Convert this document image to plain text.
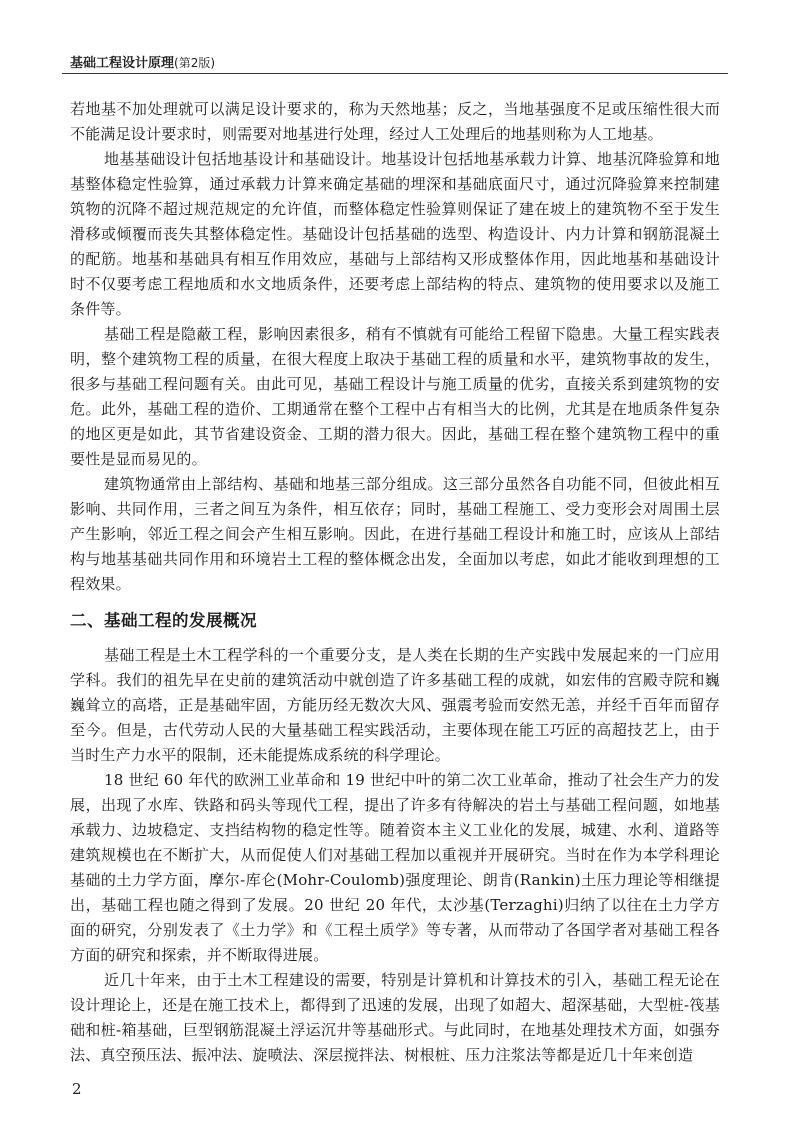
基础工程设计原理(第2版)

若地基不加处理就可以满足设计要求的，称为天然地基；反之，当地基强度不足或压缩性很大而不能满足设计要求时，则需要对地基进行处理，经过人工处理后的地基则称为人工地基。

地基基础设计包括地基设计和基础设计。地基设计包括地基承载力计算、地基沉降验算和地基整体稳定性验算，通过承载力计算来确定基础的埋深和基础底面尺寸，通过沉降验算来控制建筑物的沉降不超过规范规定的允许值，而整体稳定性验算则保证了建在坡上的建筑物不至于发生滑移或倾覆而丧失其整体稳定性。基础设计包括基础的选型、构造设计、内力计算和钢筋混凝土的配筋。地基和基础具有相互作用效应，基础与上部结构又形成整体作用，因此地基和基础设计时不仅要考虑工程地质和水文地质条件，还要考虑上部结构的特点、建筑物的使用要求以及施工条件等。

基础工程是隐蔽工程，影响因素很多，稍有不慎就有可能给工程留下隐患。大量工程实践表明，整个建筑物工程的质量，在很大程度上取决于基础工程的质量和水平，建筑物事故的发生，很多与基础工程问题有关。由此可见，基础工程设计与施工质量的优劣，直接关系到建筑物的安危。此外，基础工程的造价、工期通常在整个工程中占有相当大的比例，尤其是在地质条件复杂的地区更是如此，其节省建设资金、工期的潜力很大。因此，基础工程在整个建筑物工程中的重要性是显而易见的。

建筑物通常由上部结构、基础和地基三部分组成。这三部分虽然各自功能不同，但彼此相互影响、共同作用，三者之间互为条件，相互依存；同时，基础工程施工、受力变形会对周围土层产生影响，邻近工程之间会产生相互影响。因此，在进行基础工程设计和施工时，应该从上部结构与地基基础共同作用和环境岩土工程的整体概念出发，全面加以考虑，如此才能收到理想的工程效果。

二、基础工程的发展概况

基础工程是土木工程学科的一个重要分支，是人类在长期的生产实践中发展起来的一门应用学科。我们的祖先早在史前的建筑活动中就创造了许多基础工程的成就，如宏伟的宫殿寺院和巍巍耸立的高塔，正是基础牢固，方能历经无数次大风、强震考验而安然无恙，并经千百年而留存至今。但是，古代劳动人民的大量基础工程实践活动，主要体现在能工巧匠的高超技艺上，由于当时生产力水平的限制，还未能提炼成系统的科学理论。

18 世纪 60 年代的欧洲工业革命和 19 世纪中叶的第二次工业革命，推动了社会生产力的发展，出现了水库、铁路和码头等现代工程，提出了许多有待解决的岩土与基础工程问题，如地基承载力、边坡稳定、支挡结构物的稳定性等。随着资本主义工业化的发展，城建、水利、道路等建筑规模也在不断扩大，从而促使人们对基础工程加以重视并开展研究。当时在作为本学科理论基础的土力学方面，摩尔-库仑(Mohr-Coulomb)强度理论、朗肯(Rankin)土压力理论等相继提出，基础工程也随之得到了发展。20 世纪 20 年代，太沙基(Terzaghi)归纳了以往在土力学方面的研究，分别发表了《土力学》和《工程土质学》等专著，从而带动了各国学者对基础工程各方面的研究和探索，并不断取得进展。

近几十年来，由于土木工程建设的需要，特别是计算机和计算技术的引入，基础工程无论在设计理论上，还是在施工技术上，都得到了迅速的发展，出现了如超大、超深基础，大型桩-筏基础和桩-箱基础，巨型钢筋混凝土浮运沉井等基础形式。与此同时，在地基处理技术方面，如强夯法、真空预压法、振冲法、旋喷法、深层搅拌法、树根桩、压力注浆法等都是近几十年来创造

2
